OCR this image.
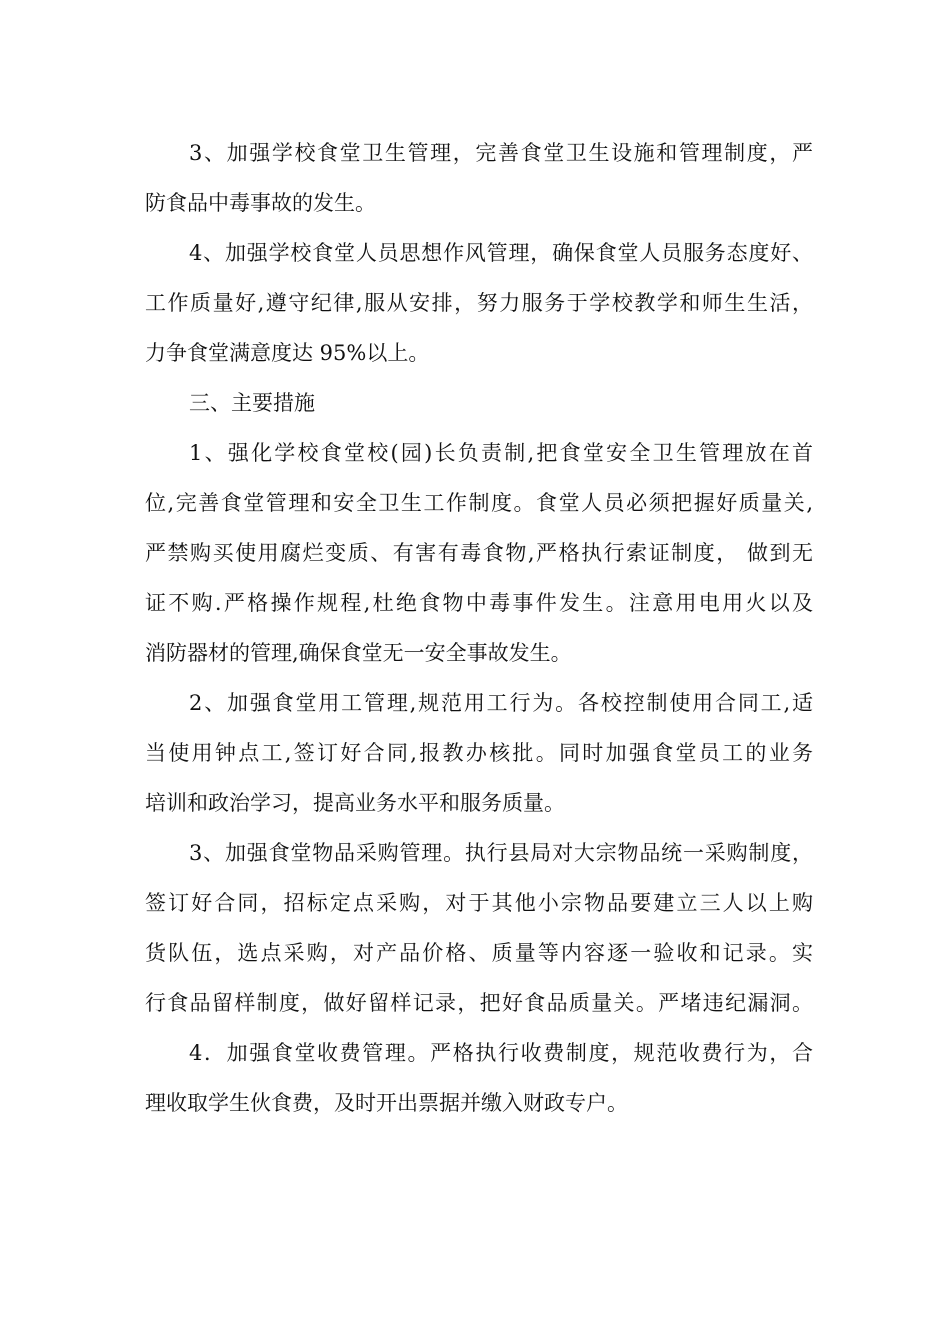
3、加强学校食堂卫生管理，完善食堂卫生设施和管理制度，严
防食品中毒事故的发生。
4、加强学校食堂人员思想作风管理，确保食堂人员服务态度好、
工作质量好,遵守纪律,服从安排，努力服务于学校教学和师生生活，
力争食堂满意度达 95%以上。
三、主要措施
1、强化学校食堂校(园)长负责制,把食堂安全卫生管理放在首
位,完善食堂管理和安全卫生工作制度。食堂人员必须把握好质量关,
严禁购买使用腐烂变质、有害有毒食物,严格执行索证制度， 做到无
证不购.严格操作规程,杜绝食物中毒事件发生。注意用电用火以及
消防器材的管理,确保食堂无一安全事故发生。
2、加强食堂用工管理,规范用工行为。各校控制使用合同工,适
当使用钟点工,签订好合同,报教办核批。同时加强食堂员工的业务
培训和政治学习，提高业务水平和服务质量。
3、加强食堂物品采购管理。执行县局对大宗物品统一采购制度，
签订好合同，招标定点采购，对于其他小宗物品要建立三人以上购
货队伍，选点采购，对产品价格、质量等内容逐一验收和记录。实
行食品留样制度，做好留样记录，把好食品质量关。严堵违纪漏洞。
4．加强食堂收费管理。严格执行收费制度，规范收费行为，合
理收取学生伙食费，及时开出票据并缴入财政专户。
